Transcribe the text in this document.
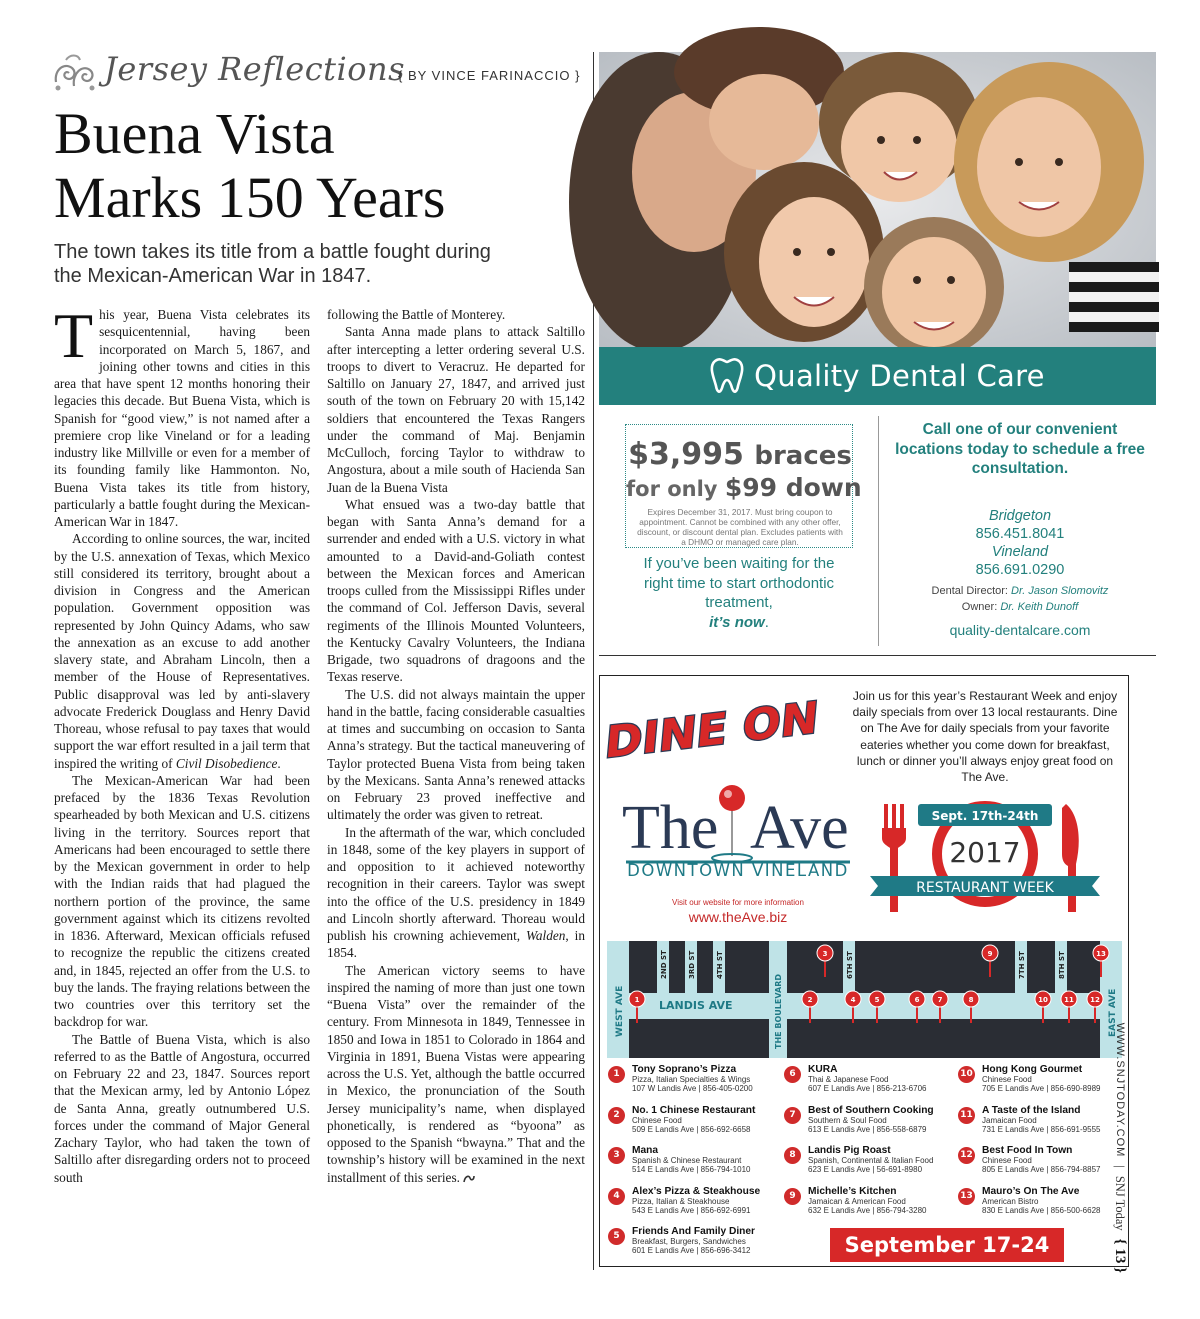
Jersey Reflections
{ BY VINCE FARINACCIO }
Buena Vista
Marks 150 Years
The town takes its title from a battle fought during
the Mexican-American War in 1847.

This year, Buena Vista celebrates its sesquicentennial, having been incorporated on March 5, 1867, and joining other towns and cities in this area that have spent 12 months honoring their legacies this decade. But Buena Vista, which is Spanish for “good view,” is not named after a premiere crop like Vineland or for a leading industry like Millville or even for a member of its founding family like Hammonton. No, Buena Vista takes its title from history, particularly a battle fought during the Mexican-American War in 1847.

According to online sources, the war, incited by the U.S. annexation of Texas, which Mexico still considered its territory, brought about a division in Congress and the American population. Government opposition was represented by John Quincy Adams, who saw the annexation as an excuse to add another slavery state, and Abraham Lincoln, then a member of the House of Representatives. Public disapproval was led by anti-slavery advocate Frederick Douglass and Henry David Thoreau, whose refusal to pay taxes that would support the war effort resulted in a jail term that inspired the writing of Civil Disobedience.

The Mexican-American War had been prefaced by the 1836 Texas Revolution spearheaded by both Mexican and U.S. citizens living in the territory. Sources report that Americans had been encouraged to settle there by the Mexican government in order to help with the Indian raids that had plagued the northern portion of the province, the same government against which its citizens revolted in 1836. Afterward, Mexican officials refused to recognize the republic the citizens created and, in 1845, rejected an offer from the U.S. to buy the lands. The fraying relations between the two countries over this territory set the backdrop for war.

The Battle of Buena Vista, which is also referred to as the Battle of Angostura, occurred on February 22 and 23, 1847. Sources report that the Mexican army, led by Antonio López de Santa Anna, greatly outnumbered U.S. forces under the command of Major General Zachary Taylor, who had taken the town of Saltillo after disregarding orders not to proceed south

following the Battle of Monterey.

Santa Anna made plans to attack Saltillo after intercepting a letter ordering several U.S. troops to divert to Veracruz. He departed for Saltillo on January 27, 1847, and arrived just south of the town on February 20 with 15,142 soldiers that encountered the Texas Rangers under the command of Maj. Benjamin McCulloch, forcing Taylor to withdraw to Angostura, about a mile south of Hacienda San Juan de la Buena Vista

What ensued was a two-day battle that began with Santa Anna’s demand for a surrender and ended with a U.S. victory in what amounted to a David-and-Goliath contest between the Mexican forces and American troops culled from the Mississippi Rifles under the command of Col. Jefferson Davis, several regiments of the Illinois Mounted Volunteers, the Kentucky Cavalry Volunteers, the Indiana Brigade, two squadrons of dragoons and the Texas reserve.

The U.S. did not always maintain the upper hand in the battle, facing considerable casualties at times and succumbing on occasion to Santa Anna’s strategy. But the tactical maneuvering of Taylor protected Buena Vista from being taken by the Mexicans. Santa Anna’s renewed attacks on February 23 proved ineffective and ultimately the order was given to retreat.

In the aftermath of the war, which concluded in 1848, some of the key players in support of and opposition to it achieved noteworthy recognition in their careers. Taylor was swept into the office of the U.S. presidency in 1849 and Lincoln shortly afterward. Thoreau would publish his crowning achievement, Walden, in 1854.

The American victory seems to have inspired the naming of more than just one town “Buena Vista” over the remainder of the century. From Minnesota in 1849, Tennessee in 1850 and Iowa in 1851 to Colorado in 1864 and Virginia in 1891, Buena Vistas were appearing across the U.S. Yet, although the battle occurred in Mexico, the pronunciation of the South Jersey municipality’s name, when displayed phonetically, is rendered as “byoona” as opposed to the Spanish “bwayna.” That and the township’s history will be examined in the next installment of this series.

Quality Dental Care
$3,995 braces
for only $99 down
Expires December 31, 2017. Must bring coupon to appointment. Cannot be combined with any other offer, discount, or discount dental plan. Excludes patients with a DHMO or managed care plan.
If you’ve been waiting for the right time to start orthodontic treatment,
it’s now.
Call one of our convenient locations today to schedule a free consultation.
Bridgeton
856.451.8041
Vineland
856.691.0290
Dental Director: Dr. Jason Slomovitz
Owner: Dr. Keith Dunoff
quality-dentalcare.com
DINE ON
The Ave
DOWNTOWN VINELAND
Visit our website for more information
www.theAve.biz
Join us for this year’s Restaurant Week and enjoy daily specials from over 13 local restaurants. Dine on The Ave for daily specials from your favorite eateries whether you come down for breakfast, lunch or dinner you’ll always enjoy great food on The Ave.
Sept. 17th-24th
2017
RESTAURANT WEEK
2ND ST	3RD ST	4TH ST	6TH ST	7TH ST	8TH ST
WEST AVE	THE BOULEVARD	EAST AVE
LANDIS AVE
1	2
3
4	5	6	7	8
9
10 11 12
13
1	Tony Soprano’s Pizza
Pizza, Italian Specialties & Wings
107 W Landis Ave | 856-405-0200
2	No. 1 Chinese Restaurant
Chinese Food
509 E Landis Ave | 856-692-6658
3	Mana
Spanish & Chinese Restaurant
514 E Landis Ave | 856-794-1010
4	Alex’s Pizza & Steakhouse
Pizza, Italian & Steakhouse
543 E Landis Ave | 856-692-6991
5	Friends And Family Diner
Breakfast, Burgers, Sandwiches
601 E Landis Ave | 856-696-3412
6	KURA
Thai & Japanese Food
607 E Landis Ave | 856-213-6706
7	Best of Southern Cooking
Southern & Soul Food
613 E Landis Ave | 856-558-6879
8	Landis Pig Roast
Spanish, Continental & Italian Food
623 E Landis Ave | 56-691-8980
9	Michelle’s Kitchen
Jamaican & American Food
632 E Landis Ave | 856-794-3280
10 Hong Kong Gourmet
Chinese Food
705 E Landis Ave | 856-690-8989
11 A Taste of the Island
Jamaican Food
731 E Landis Ave | 856-691-9555
12 Best Food In Town
Chinese Food
805 E Landis Ave | 856-794-8857
13 Mauro’s On The Ave
American Bistro
830 E Landis Ave | 856-500-6628
September 17-24
WWW.SNJTODAY.COM
|
SNJ Today
{ 13 }
